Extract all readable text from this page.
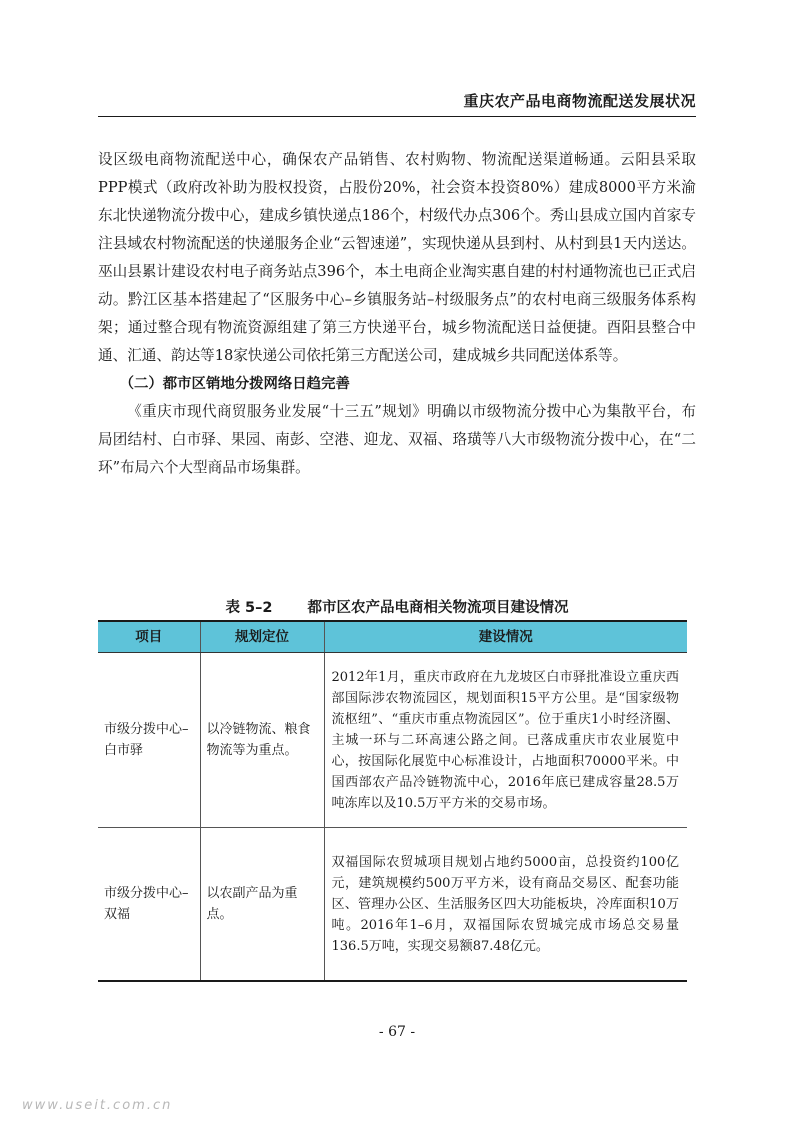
重庆农产品电商物流配送发展状况

设区级电商物流配送中心，确保农产品销售、农村购物、物流配送渠道畅通。云阳县采取PPP模式（政府改补助为股权投资，占股份20%，社会资本投资80%）建成8000平方米渝东北快递物流分拨中心，建成乡镇快递点186个，村级代办点306个。秀山县成立国内首家专注县域农村物流配送的快递服务企业“云智速递”，实现快递从县到村、从村到县1天内送达。巫山县累计建设农村电子商务站点396个，本土电商企业淘实惠自建的村村通物流也已正式启动。黔江区基本搭建起了“区服务中心–乡镇服务站–村级服务点”的农村电商三级服务体系构架；通过整合现有物流资源组建了第三方快递平台，城乡物流配送日益便捷。酉阳县整合中通、汇通、韵达等18家快递公司依托第三方配送公司，建成城乡共同配送体系等。

（二）都市区销地分拨网络日趋完善

《重庆市现代商贸服务业发展“十三五”规划》明确以市级物流分拨中心为集散平台，布局团结村、白市驿、果园、南彭、空港、迎龙、双福、珞璜等八大市级物流分拨中心，在“二环”布局六个大型商品市场集群。

表 5–2 都市区农产品电商相关物流项目建设情况
项目	规划定位	建设情况
市级分拨中心–白市驿	以冷链物流、粮食物流等为重点。	2012年1月，重庆市政府在九龙坡区白市驿批准设立重庆西部国际涉农物流园区，规划面积15平方公里。是“国家级物流枢纽”、“重庆市重点物流园区”。位于重庆1小时经济圈、主城一环与二环高速公路之间。已落成重庆市农业展览中心，按国际化展览中心标准设计，占地面积70000平米。中国西部农产品冷链物流中心，2016年底已建成容量28.5万吨冻库以及10.5万平方米的交易市场。
市级分拨中心–双福	以农副产品为重点。	双福国际农贸城项目规划占地约5000亩，总投资约100亿元，建筑规模约500万平方米，设有商品交易区、配套功能区、管理办公区、生活服务区四大功能板块，冷库面积10万吨。2016年1–6月，双福国际农贸城完成市场总交易量136.5万吨，实现交易额87.48亿元。
- 67 -
www.useit.com.cn
